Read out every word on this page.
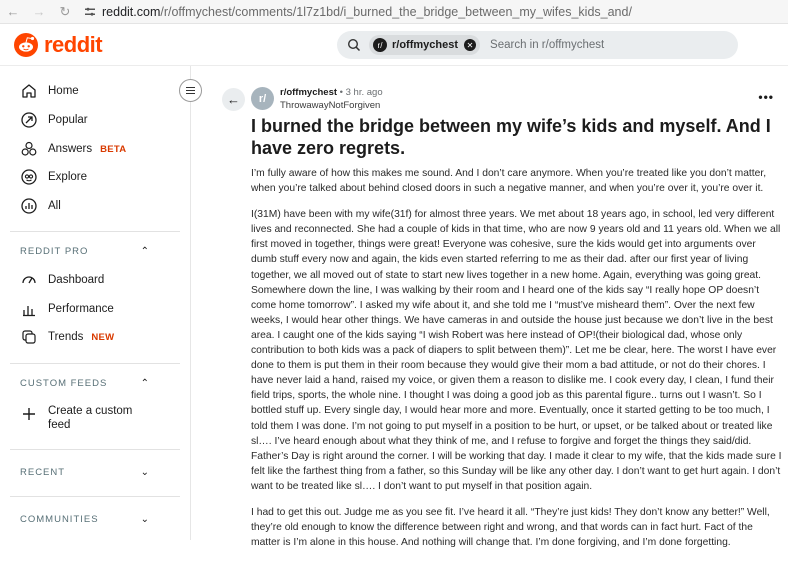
← → ↻	reddit.com /r/offmychest/comments/1l7z1bd/i_burned_the_bridge_between_my_wifes_kids_and/
reddit	r/ r/offmychest	✕ Search in r/offmychest
Home
Popular
Answers BETA
Explore
All
REDDIT PRO	⌃
Dashboard
Performance
Trends NEW
CUSTOM FEEDS	⌃
Create a custom feed
RECENT	⌄
COMMUNITIES	⌄
←	r/	r/offmychest • 3 hr. ago
ThrowawayNotForgiven
•••
I burned the bridge between my wife’s kids and myself. And I have zero regrets.

I’m fully aware of how this makes me sound. And I don’t care anymore. When you’re treated like you don’t matter, when you’re talked about behind closed doors in such a negative manner, and when you’re over it, you’re over it.

I(31M) have been with my wife(31f) for almost three years. We met about 18 years ago, in school, led very different lives and reconnected. She had a couple of kids in that time, who are now 9 years old and 11 years old. When we all first moved in together, things were great! Everyone was cohesive, sure the kids would get into arguments over dumb stuff every now and again, the kids even started referring to me as their dad. after our first year of living together, we all moved out of state to start new lives together in a new home. Again, everything was going great. Somewhere down the line, I was walking by their room and I heard one of the kids say “I really hope OP doesn’t come home tomorrow”. I asked my wife about it, and she told me I “must’ve misheard them”. Over the next few weeks, I would hear other things. We have cameras in and outside the house just because we don’t live in the best area. I caught one of the kids saying “I wish Robert was here instead of OP!(their biological dad, whose only contribution to both kids was a pack of diapers to split between them)”. Let me be clear, here. The worst I have ever done to them is put them in their room because they would give their mom a bad attitude, or not do their chores. I have never laid a hand, raised my voice, or given them a reason to dislike me. I cook every day, I clean, I fund their field trips, sports, the whole nine. I thought I was doing a good job as this parental figure.. turns out I wasn’t. So I bottled stuff up. Every single day, I would hear more and more. Eventually, once it started getting to be too much, I told them I was done. I’m not going to put myself in a position to be hurt, or upset, or be talked about or treated like sl…. I’ve heard enough about what they think of me, and I refuse to forgive and forget the things they said/did. Father’s Day is right around the corner. I will be working that day. I made it clear to my wife, that the kids made sure I felt like the farthest thing from a father, so this Sunday will be like any other day. I don’t want to get hurt again. I don’t want to be treated like sl…. I don’t want to put myself in that position again.

I had to get this out. Judge me as you see fit. I’ve heard it all. “They’re just kids! They don’t know any better!” Well, they’re old enough to know the difference between right and wrong, and that words can in fact hurt. Fact of the matter is I’m alone in this house. And nothing will change that. I’m done forgiving, and I’m done forgetting.
